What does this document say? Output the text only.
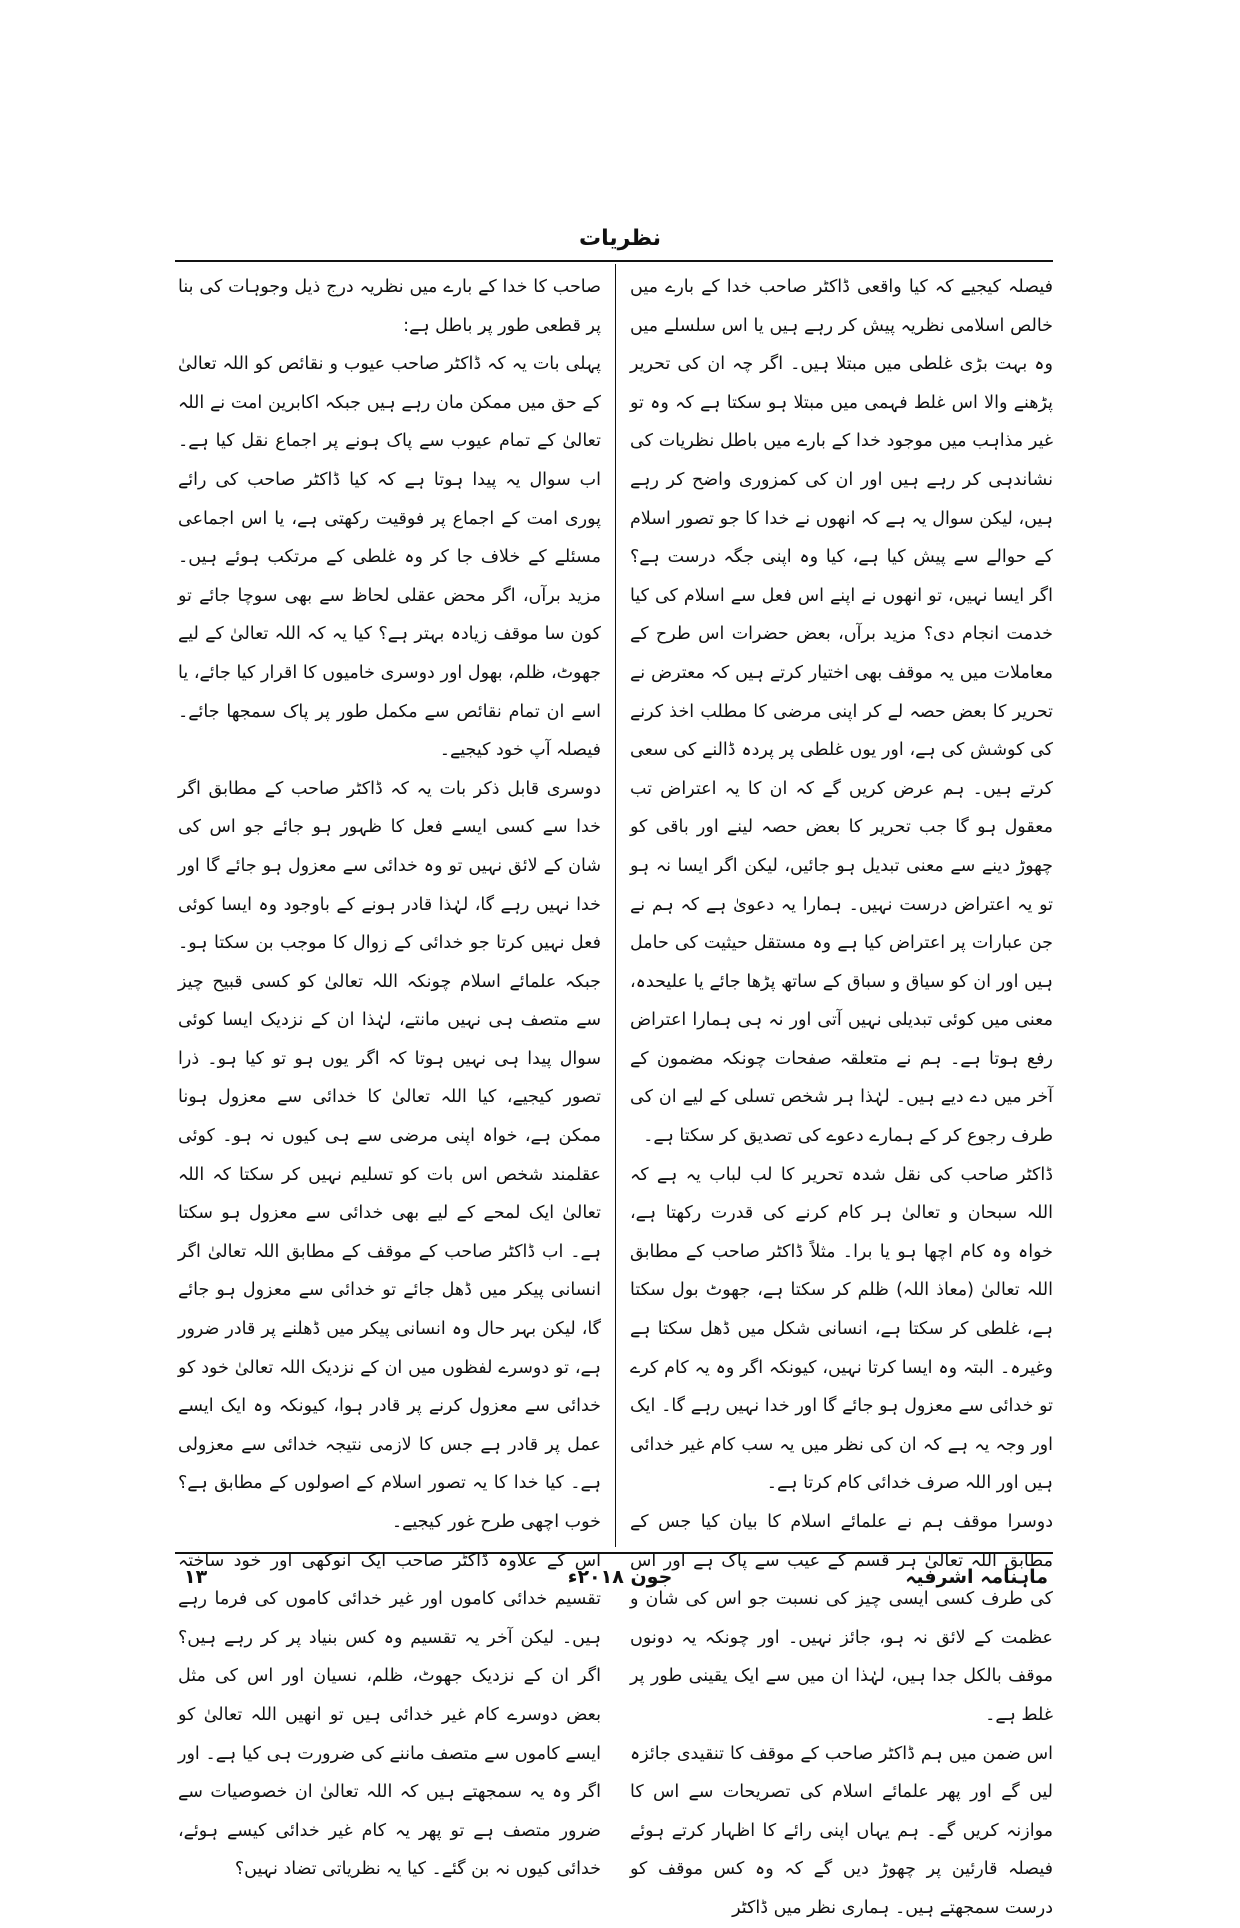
نظریات

فیصلہ کیجیے کہ کیا واقعی ڈاکٹر صاحب خدا کے بارے میں خالص اسلامی نظریہ پیش کر رہے ہیں یا اس سلسلے میں وہ بہت بڑی غلطی میں مبتلا ہیں۔ اگر چہ ان کی تحریر پڑھنے والا اس غلط فہمی میں مبتلا ہو سکتا ہے کہ وہ تو غیر مذاہب میں موجود خدا کے بارے میں باطل نظریات کی نشاندہی کر رہے ہیں اور ان کی کمزوری واضح کر رہے ہیں، لیکن سوال یہ ہے کہ انھوں نے خدا کا جو تصور اسلام کے حوالے سے پیش کیا ہے، کیا وہ اپنی جگہ درست ہے؟ اگر ایسا نہیں، تو انھوں نے اپنے اس فعل سے اسلام کی کیا خدمت انجام دی؟ مزید برآں، بعض حضرات اس طرح کے معاملات میں یہ موقف بھی اختیار کرتے ہیں کہ معترض نے تحریر کا بعض حصہ لے کر اپنی مرضی کا مطلب اخذ کرنے کی کوشش کی ہے، اور یوں غلطی پر پردہ ڈالنے کی سعی کرتے ہیں۔ ہم عرض کریں گے کہ ان کا یہ اعتراض تب معقول ہو گا جب تحریر کا بعض حصہ لینے اور باقی کو چھوڑ دینے سے معنی تبدیل ہو جائیں، لیکن اگر ایسا نہ ہو تو یہ اعتراض درست نہیں۔ ہمارا یہ دعویٰ ہے کہ ہم نے جن عبارات پر اعتراض کیا ہے وہ مستقل حیثیت کی حامل ہیں اور ان کو سیاق و سباق کے ساتھ پڑھا جائے یا علیحدہ، معنی میں کوئی تبدیلی نہیں آتی اور نہ ہی ہمارا اعتراض رفع ہوتا ہے۔ ہم نے متعلقہ صفحات چونکہ مضمون کے آخر میں دے دیے ہیں۔ لہٰذا ہر شخص تسلی کے لیے ان کی طرف رجوع کر کے ہمارے دعوے کی تصدیق کر سکتا ہے۔

ڈاکٹر صاحب کی نقل شدہ تحریر کا لب لباب یہ ہے کہ اللہ سبحان و تعالیٰ ہر کام کرنے کی قدرت رکھتا ہے، خواہ وہ کام اچھا ہو یا برا۔ مثلاً ڈاکٹر صاحب کے مطابق اللہ تعالیٰ (معاذ اللہ) ظلم کر سکتا ہے، جھوٹ بول سکتا ہے، غلطی کر سکتا ہے، انسانی شکل میں ڈھل سکتا ہے وغیرہ۔ البتہ وہ ایسا کرتا نہیں، کیونکہ اگر وہ یہ کام کرے تو خدائی سے معزول ہو جائے گا اور خدا نہیں رہے گا۔ ایک اور وجہ یہ ہے کہ ان کی نظر میں یہ سب کام غیر خدائی ہیں اور اللہ صرف خدائی کام کرتا ہے۔

دوسرا موقف ہم نے علمائے اسلام کا بیان کیا جس کے مطابق اللہ تعالیٰ ہر قسم کے عیب سے پاک ہے اور اس کی طرف کسی ایسی چیز کی نسبت جو اس کی شان و عظمت کے لائق نہ ہو، جائز نہیں۔ اور چونکہ یہ دونوں موقف بالکل جدا ہیں، لہٰذا ان میں سے ایک یقینی طور پر غلط ہے۔

اس ضمن میں ہم ڈاکٹر صاحب کے موقف کا تنقیدی جائزہ لیں گے اور پھر علمائے اسلام کی تصریحات سے اس کا موازنہ کریں گے۔ ہم یہاں اپنی رائے کا اظہار کرتے ہوئے فیصلہ قارئین پر چھوڑ دیں گے کہ وہ کس موقف کو درست سمجھتے ہیں۔ ہماری نظر میں ڈاکٹر

صاحب کا خدا کے بارے میں نظریہ درج ذیل وجوہات کی بنا پر قطعی طور پر باطل ہے:

پہلی بات یہ کہ ڈاکٹر صاحب عیوب و نقائص کو اللہ تعالیٰ کے حق میں ممکن مان رہے ہیں جبکہ اکابرین امت نے اللہ تعالیٰ کے تمام عیوب سے پاک ہونے پر اجماع نقل کیا ہے۔ اب سوال یہ پیدا ہوتا ہے کہ کیا ڈاکٹر صاحب کی رائے پوری امت کے اجماع پر فوقیت رکھتی ہے، یا اس اجماعی مسئلے کے خلاف جا کر وہ غلطی کے مرتکب ہوئے ہیں۔ مزید برآں، اگر محض عقلی لحاظ سے بھی سوچا جائے تو کون سا موقف زیادہ بہتر ہے؟ کیا یہ کہ اللہ تعالیٰ کے لیے جھوٹ، ظلم، بھول اور دوسری خامیوں کا اقرار کیا جائے، یا اسے ان تمام نقائص سے مکمل طور پر پاک سمجھا جائے۔ فیصلہ آپ خود کیجیے۔

دوسری قابل ذکر بات یہ کہ ڈاکٹر صاحب کے مطابق اگر خدا سے کسی ایسے فعل کا ظہور ہو جائے جو اس کی شان کے لائق نہیں تو وہ خدائی سے معزول ہو جائے گا اور خدا نہیں رہے گا، لہٰذا قادر ہونے کے باوجود وہ ایسا کوئی فعل نہیں کرتا جو خدائی کے زوال کا موجب بن سکتا ہو۔ جبکہ علمائے اسلام چونکہ اللہ تعالیٰ کو کسی قبیح چیز سے متصف ہی نہیں مانتے، لہٰذا ان کے نزدیک ایسا کوئی سوال پیدا ہی نہیں ہوتا کہ اگر یوں ہو تو کیا ہو۔ ذرا تصور کیجیے، کیا اللہ تعالیٰ کا خدائی سے معزول ہونا ممکن ہے، خواہ اپنی مرضی سے ہی کیوں نہ ہو۔ کوئی عقلمند شخص اس بات کو تسلیم نہیں کر سکتا کہ اللہ تعالیٰ ایک لمحے کے لیے بھی خدائی سے معزول ہو سکتا ہے۔ اب ڈاکٹر صاحب کے موقف کے مطابق اللہ تعالیٰ اگر انسانی پیکر میں ڈھل جائے تو خدائی سے معزول ہو جائے گا، لیکن بہر حال وہ انسانی پیکر میں ڈھلنے پر قادر ضرور ہے، تو دوسرے لفظوں میں ان کے نزدیک اللہ تعالیٰ خود کو خدائی سے معزول کرنے پر قادر ہوا، کیونکہ وہ ایک ایسے عمل پر قادر ہے جس کا لازمی نتیجہ خدائی سے معزولی ہے۔ کیا خدا کا یہ تصور اسلام کے اصولوں کے مطابق ہے؟ خوب اچھی طرح غور کیجیے۔

اس کے علاوہ ڈاکٹر صاحب ایک انوکھی اور خود ساختہ تقسیم خدائی کاموں اور غیر خدائی کاموں کی فرما رہے ہیں۔ لیکن آخر یہ تقسیم وہ کس بنیاد پر کر رہے ہیں؟ اگر ان کے نزدیک جھوٹ، ظلم، نسیان اور اس کی مثل بعض دوسرے کام غیر خدائی ہیں تو انھیں اللہ تعالیٰ کو ایسے کاموں سے متصف ماننے کی ضرورت ہی کیا ہے۔ اور اگر وہ یہ سمجھتے ہیں کہ اللہ تعالیٰ ان خصوصیات سے ضرور متصف ہے تو پھر یہ کام غیر خدائی کیسے ہوئے، خدائی کیوں نہ بن گئے۔ کیا یہ نظریاتی تضاد نہیں؟

ماہنامہ اشرفیہ
جون ۲۰۱۸ء
۱۳
